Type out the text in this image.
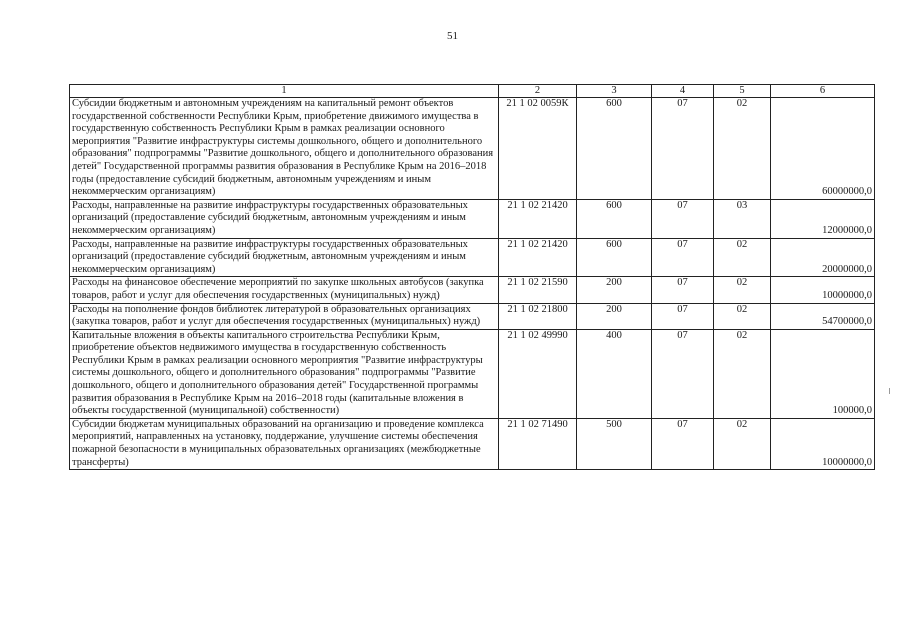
51
1	2	3	4	5	6
Субсидии бюджетным и автономным учреждениям на капитальный ремонт объектов государственной собственности Республики Крым, приобретение движимого имущества в государственную собственность Республики Крым в рамках реализации основного мероприятия "Развитие инфраструктуры системы дошкольного, общего и дополнительного образования" подпрограммы "Развитие дошкольного, общего и дополнительного образования детей" Государственной программы развития образования в Республике Крым на 2016–2018 годы (предоставление субсидий бюджетным, автономным учреждениям и иным некоммерческим организациям)	21 1 02 0059К	600	07	02	60000000,0
Расходы, направленные на развитие инфраструктуры государственных образовательных организаций (предоставление субсидий бюджетным, автономным учреждениям и иным некоммерческим организациям)	21 1 02 21420	600	07	03	12000000,0
Расходы, направленные на развитие инфраструктуры государственных образовательных организаций (предоставление субсидий бюджетным, автономным учреждениям и иным некоммерческим организациям)	21 1 02 21420	600	07	02	20000000,0
Расходы на финансовое обеспечение мероприятий по закупке школьных автобусов (закупка товаров, работ и услуг для обеспечения государственных (муниципальных) нужд)	21 1 02 21590	200	07	02	10000000,0
Расходы на пополнение фондов библиотек литературой в образовательных организациях (закупка товаров, работ и услуг для обеспечения государственных (муниципальных) нужд)	21 1 02 21800	200	07	02	54700000,0
Капитальные вложения в объекты капитального строительства Республики Крым, приобретение объектов недвижимого имущества в государственную собственность Республики Крым в рамках реализации основного мероприятия "Развитие инфраструктуры системы дошкольного, общего и дополнительного образования" подпрограммы "Развитие дошкольного, общего и дополнительного образования детей" Государственной программы развития образования в Республике Крым на 2016–2018 годы (капитальные вложения в объекты государственной (муниципальной) собственности)	21 1 02 49990	400	07	02	100000,0
Субсидии бюджетам муниципальных образований на организацию и проведение комплекса мероприятий, направленных на установку, поддержание, улучшение системы обеспечения пожарной безопасности в муниципальных образовательных организациях (межбюджетные трансферты)	21 1 02 71490	500	07	02	10000000,0
